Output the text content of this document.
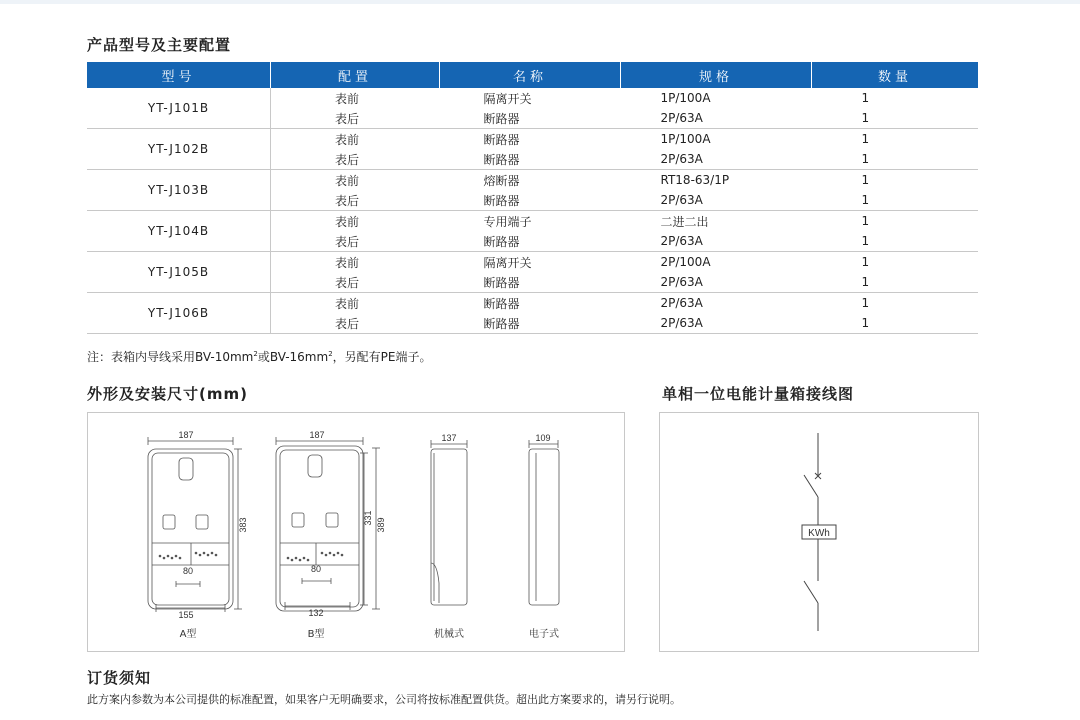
产品型号及主要配置
型号	配置	名称	规格	数量
YT-J101B	表前	隔离开关	1P/100A	1
	表后	断路器	2P/63A	1
YT-J102B	表前	断路器	1P/100A	1
	表后	断路器	2P/63A	1
YT-J103B	表前	熔断器	RT18-63/1P	1
	表后	断路器	2P/63A	1
YT-J104B	表前	专用端子	二进二出	1
	表后	断路器	2P/63A	1
YT-J105B	表前	隔离开关	2P/100A	1
	表后	断路器	2P/63A	1
YT-J106B	表前	断路器	2P/63A	1
	表后	断路器	2P/63A	1
注：表箱内导线采用$BV-10mm^2$或$BV-16mm^2$，另配有PE端子。
外形及安装尺寸(mm)	单相一位电能计量箱接线图
187
80
155
383
187
80
132
331 389
137	109
A型	B型	机械式	电子式
KWh
订货须知
此方案内参数为本公司提供的标准配置，如果客户无明确要求，公司将按标准配置供货。超出此方案要求的，请另行说明。
